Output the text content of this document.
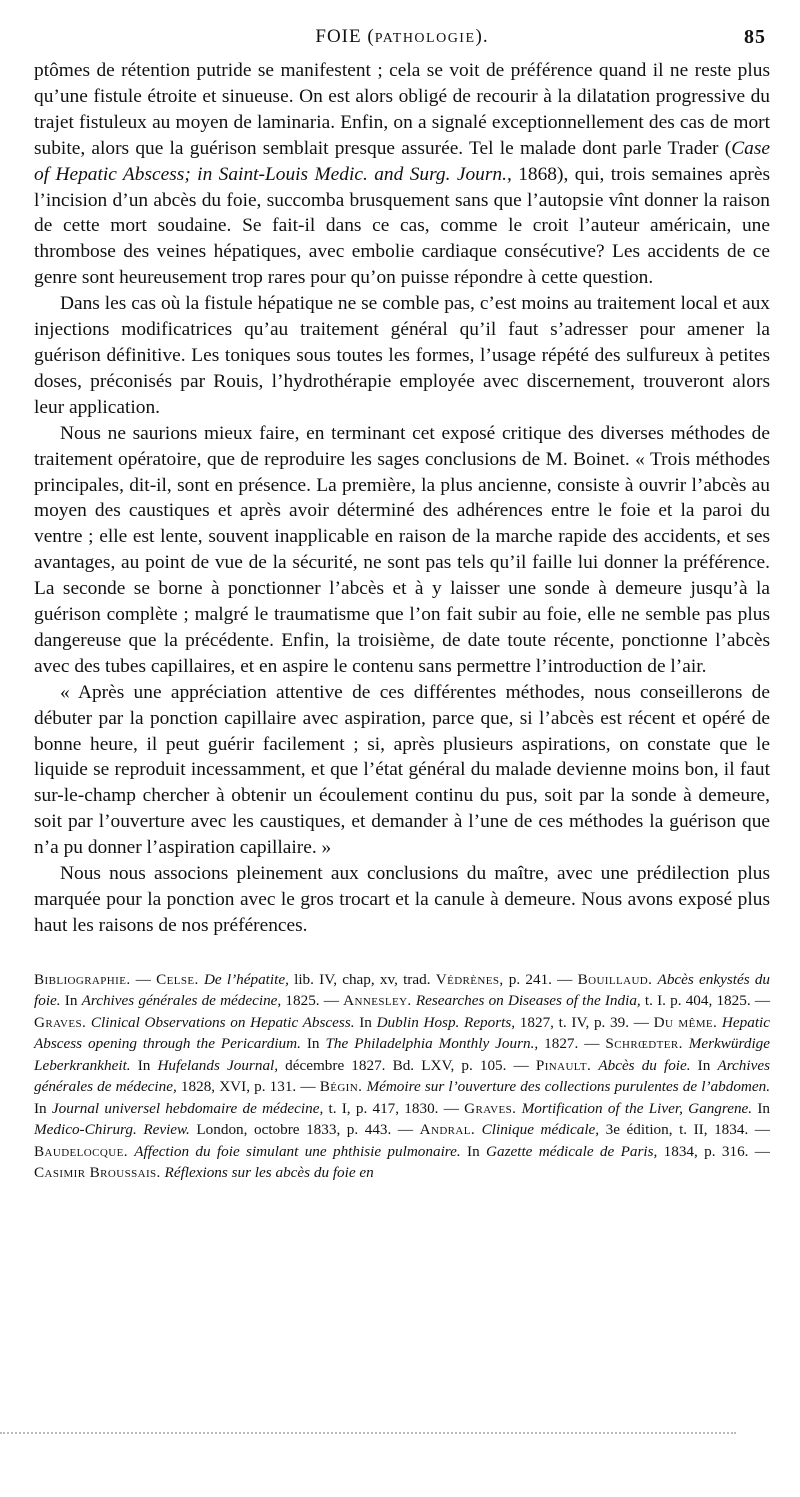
FOIE (PATHOLOGIE).	85

ptômes de rétention putride se manifestent ; cela se voit de préférence quand il ne reste plus qu’une fistule étroite et sinueuse. On est alors obligé de recourir à la dilatation progressive du trajet fistuleux au moyen de laminaria. Enfin, on a signalé exceptionnellement des cas de mort subite, alors que la guérison semblait presque assurée. Tel le malade dont parle Trader (Case of Hepatic Abscess; in Saint-Louis Medic. and Surg. Journ., 1868), qui, trois semaines après l’incision d’un abcès du foie, succomba brusquement sans que l’autopsie vînt donner la raison de cette mort soudaine. Se fait-il dans ce cas, comme le croit l’auteur américain, une thrombose des veines hépatiques, avec embolie cardiaque consécutive? Les accidents de ce genre sont heureusement trop rares pour qu’on puisse répondre à cette question.

Dans les cas où la fistule hépatique ne se comble pas, c’est moins au traitement local et aux injections modificatrices qu’au traitement général qu’il faut s’adresser pour amener la guérison définitive. Les toniques sous toutes les formes, l’usage répété des sulfureux à petites doses, préconisés par Rouis, l’hydrothérapie employée avec discernement, trouveront alors leur application.

Nous ne saurions mieux faire, en terminant cet exposé critique des diverses méthodes de traitement opératoire, que de reproduire les sages conclusions de M. Boinet. « Trois méthodes principales, dit-il, sont en présence. La première, la plus ancienne, consiste à ouvrir l’abcès au moyen des caustiques et après avoir déterminé des adhérences entre le foie et la paroi du ventre ; elle est lente, souvent inapplicable en raison de la marche rapide des accidents, et ses avantages, au point de vue de la sécurité, ne sont pas tels qu’il faille lui donner la préférence. La seconde se borne à ponctionner l’abcès et à y laisser une sonde à demeure jusqu’à la guérison complète ; malgré le traumatisme que l’on fait subir au foie, elle ne semble pas plus dangereuse que la précédente. Enfin, la troisième, de date toute récente, ponctionne l’abcès avec des tubes capillaires, et en aspire le contenu sans permettre l’introduction de l’air.

« Après une appréciation attentive de ces différentes méthodes, nous conseillerons de débuter par la ponction capillaire avec aspiration, parce que, si l’abcès est récent et opéré de bonne heure, il peut guérir facilement ; si, après plusieurs aspirations, on constate que le liquide se reproduit incessamment, et que l’état général du malade devienne moins bon, il faut sur-le-champ chercher à obtenir un écoulement continu du pus, soit par la sonde à demeure, soit par l’ouverture avec les caustiques, et demander à l’une de ces méthodes la guérison que n’a pu donner l’aspiration capillaire. »

Nous nous associons pleinement aux conclusions du maître, avec une prédilection plus marquée pour la ponction avec le gros trocart et la canule à demeure. Nous avons exposé plus haut les raisons de nos préférences.

Bibliographie. — Celse. De l’hépatite, lib. IV, chap, xv, trad. Védrènes, p. 241. — Bouillaud. Abcès enkystés du foie. In Archives générales de médecine, 1825. — Annesley. Researches on Diseases of the India, t. I. p. 404, 1825. — Graves. Clinical Observations on Hepatic Abscess. In Dublin Hosp. Reports, 1827, t. IV, p. 39. — Du même. Hepatic Abscess opening through the Pericardium. In The Philadelphia Monthly Journ., 1827. — Schrœdter. Merkwürdige Leberkrankheit. In Hufelands Journal, décembre 1827. Bd. LXV, p. 105. — Pinault. Abcès du foie. In Archives générales de médecine, 1828, XVI, p. 131. — Bégin. Mémoire sur l’ouverture des collections purulentes de l’abdomen. In Journal universel hebdomaire de médecine, t. I, p. 417, 1830. — Graves. Mortification of the Liver, Gangrene. In Medico-Chirurg. Review. London, octobre 1833, p. 443. — Andral. Clinique médicale, 3e édition, t. II, 1834. — Baudelocque. Affection du foie simulant une phthisie pulmonaire. In Gazette médicale de Paris, 1834, p. 316. — Casimir Broussais. Réflexions sur les abcès du foie en
